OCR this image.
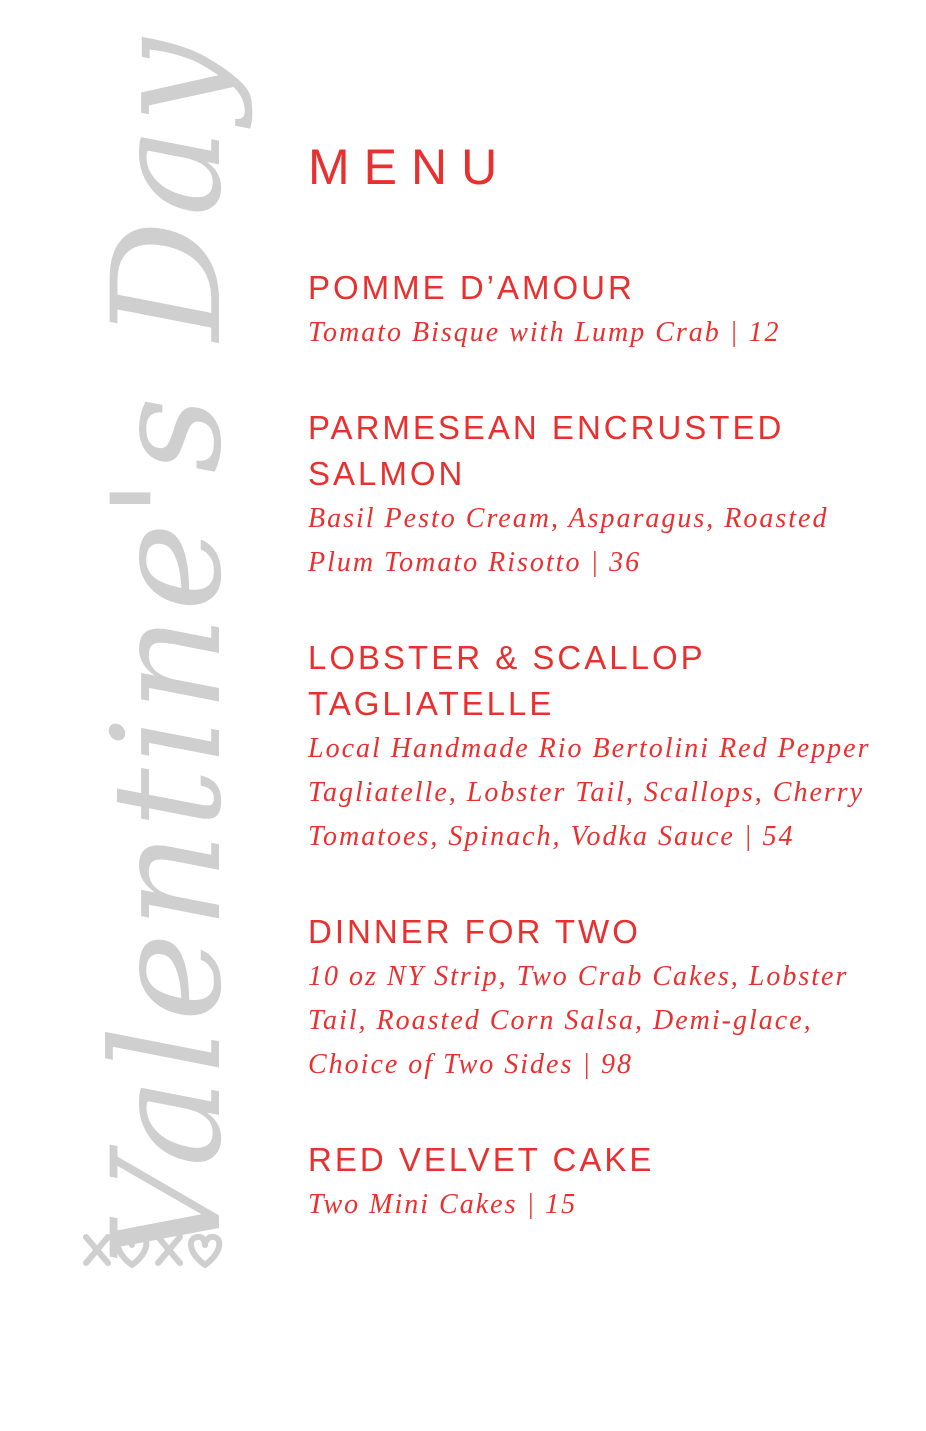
Valentine's Day MENU

POMME D’AMOUR

Tomato Bisque with Lump Crab | 12

PARMESEAN ENCRUSTED SALMON

Basil Pesto Cream, Asparagus, Roasted Plum Tomato Risotto | 36

LOBSTER & SCALLOP TAGLIATELLE

Local Handmade Rio Bertolini Red Pepper Tagliatelle, Lobster Tail, Scallops, Cherry Tomatoes, Spinach, Vodka Sauce | 54

DINNER FOR TWO

10 oz NY Strip, Two Crab Cakes, Lobster Tail, Roasted Corn Salsa, Demi-glace, Choice of Two Sides | 98

RED VELVET CAKE

Two Mini Cakes | 15
